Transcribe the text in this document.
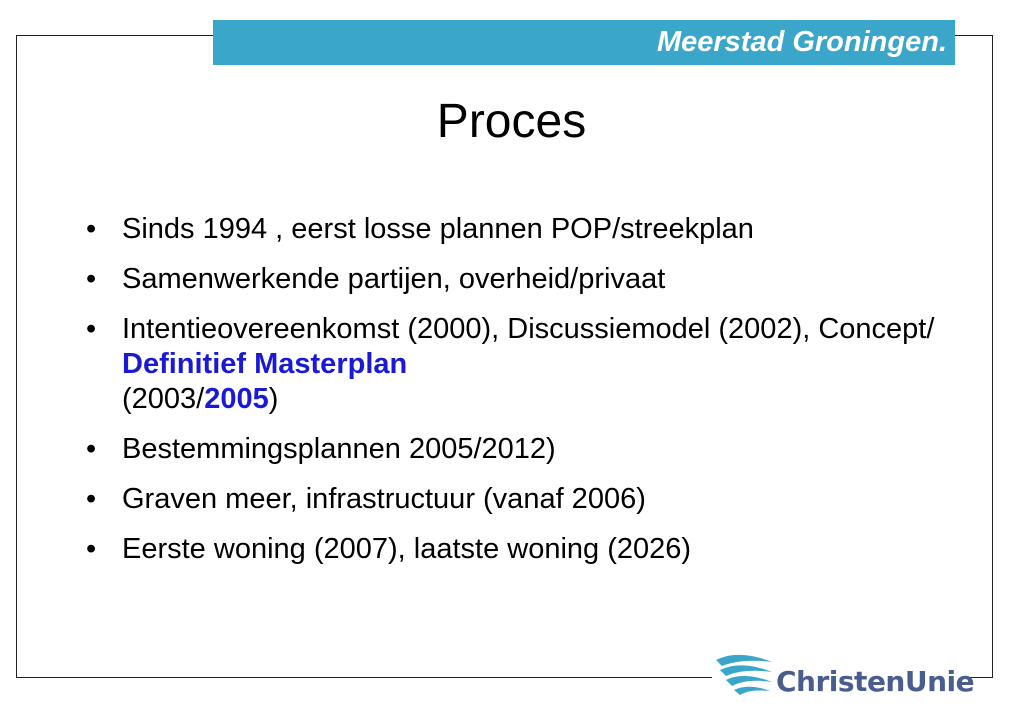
Meerstad Groningen.
Proces
• Sinds 1994 , eerst losse plannen POP/streekplan
• Samenwerkende partijen, overheid/privaat
• Intentieovereenkomst (2000), Discussiemodel (2002), Concept/ Definitief Masterplan
(2003/2005)
• Bestemmingsplannen 2005/2012)
• Graven meer, infrastructuur (vanaf 2006)
• Eerste woning (2007), laatste woning (2026)
ChristenUnie
